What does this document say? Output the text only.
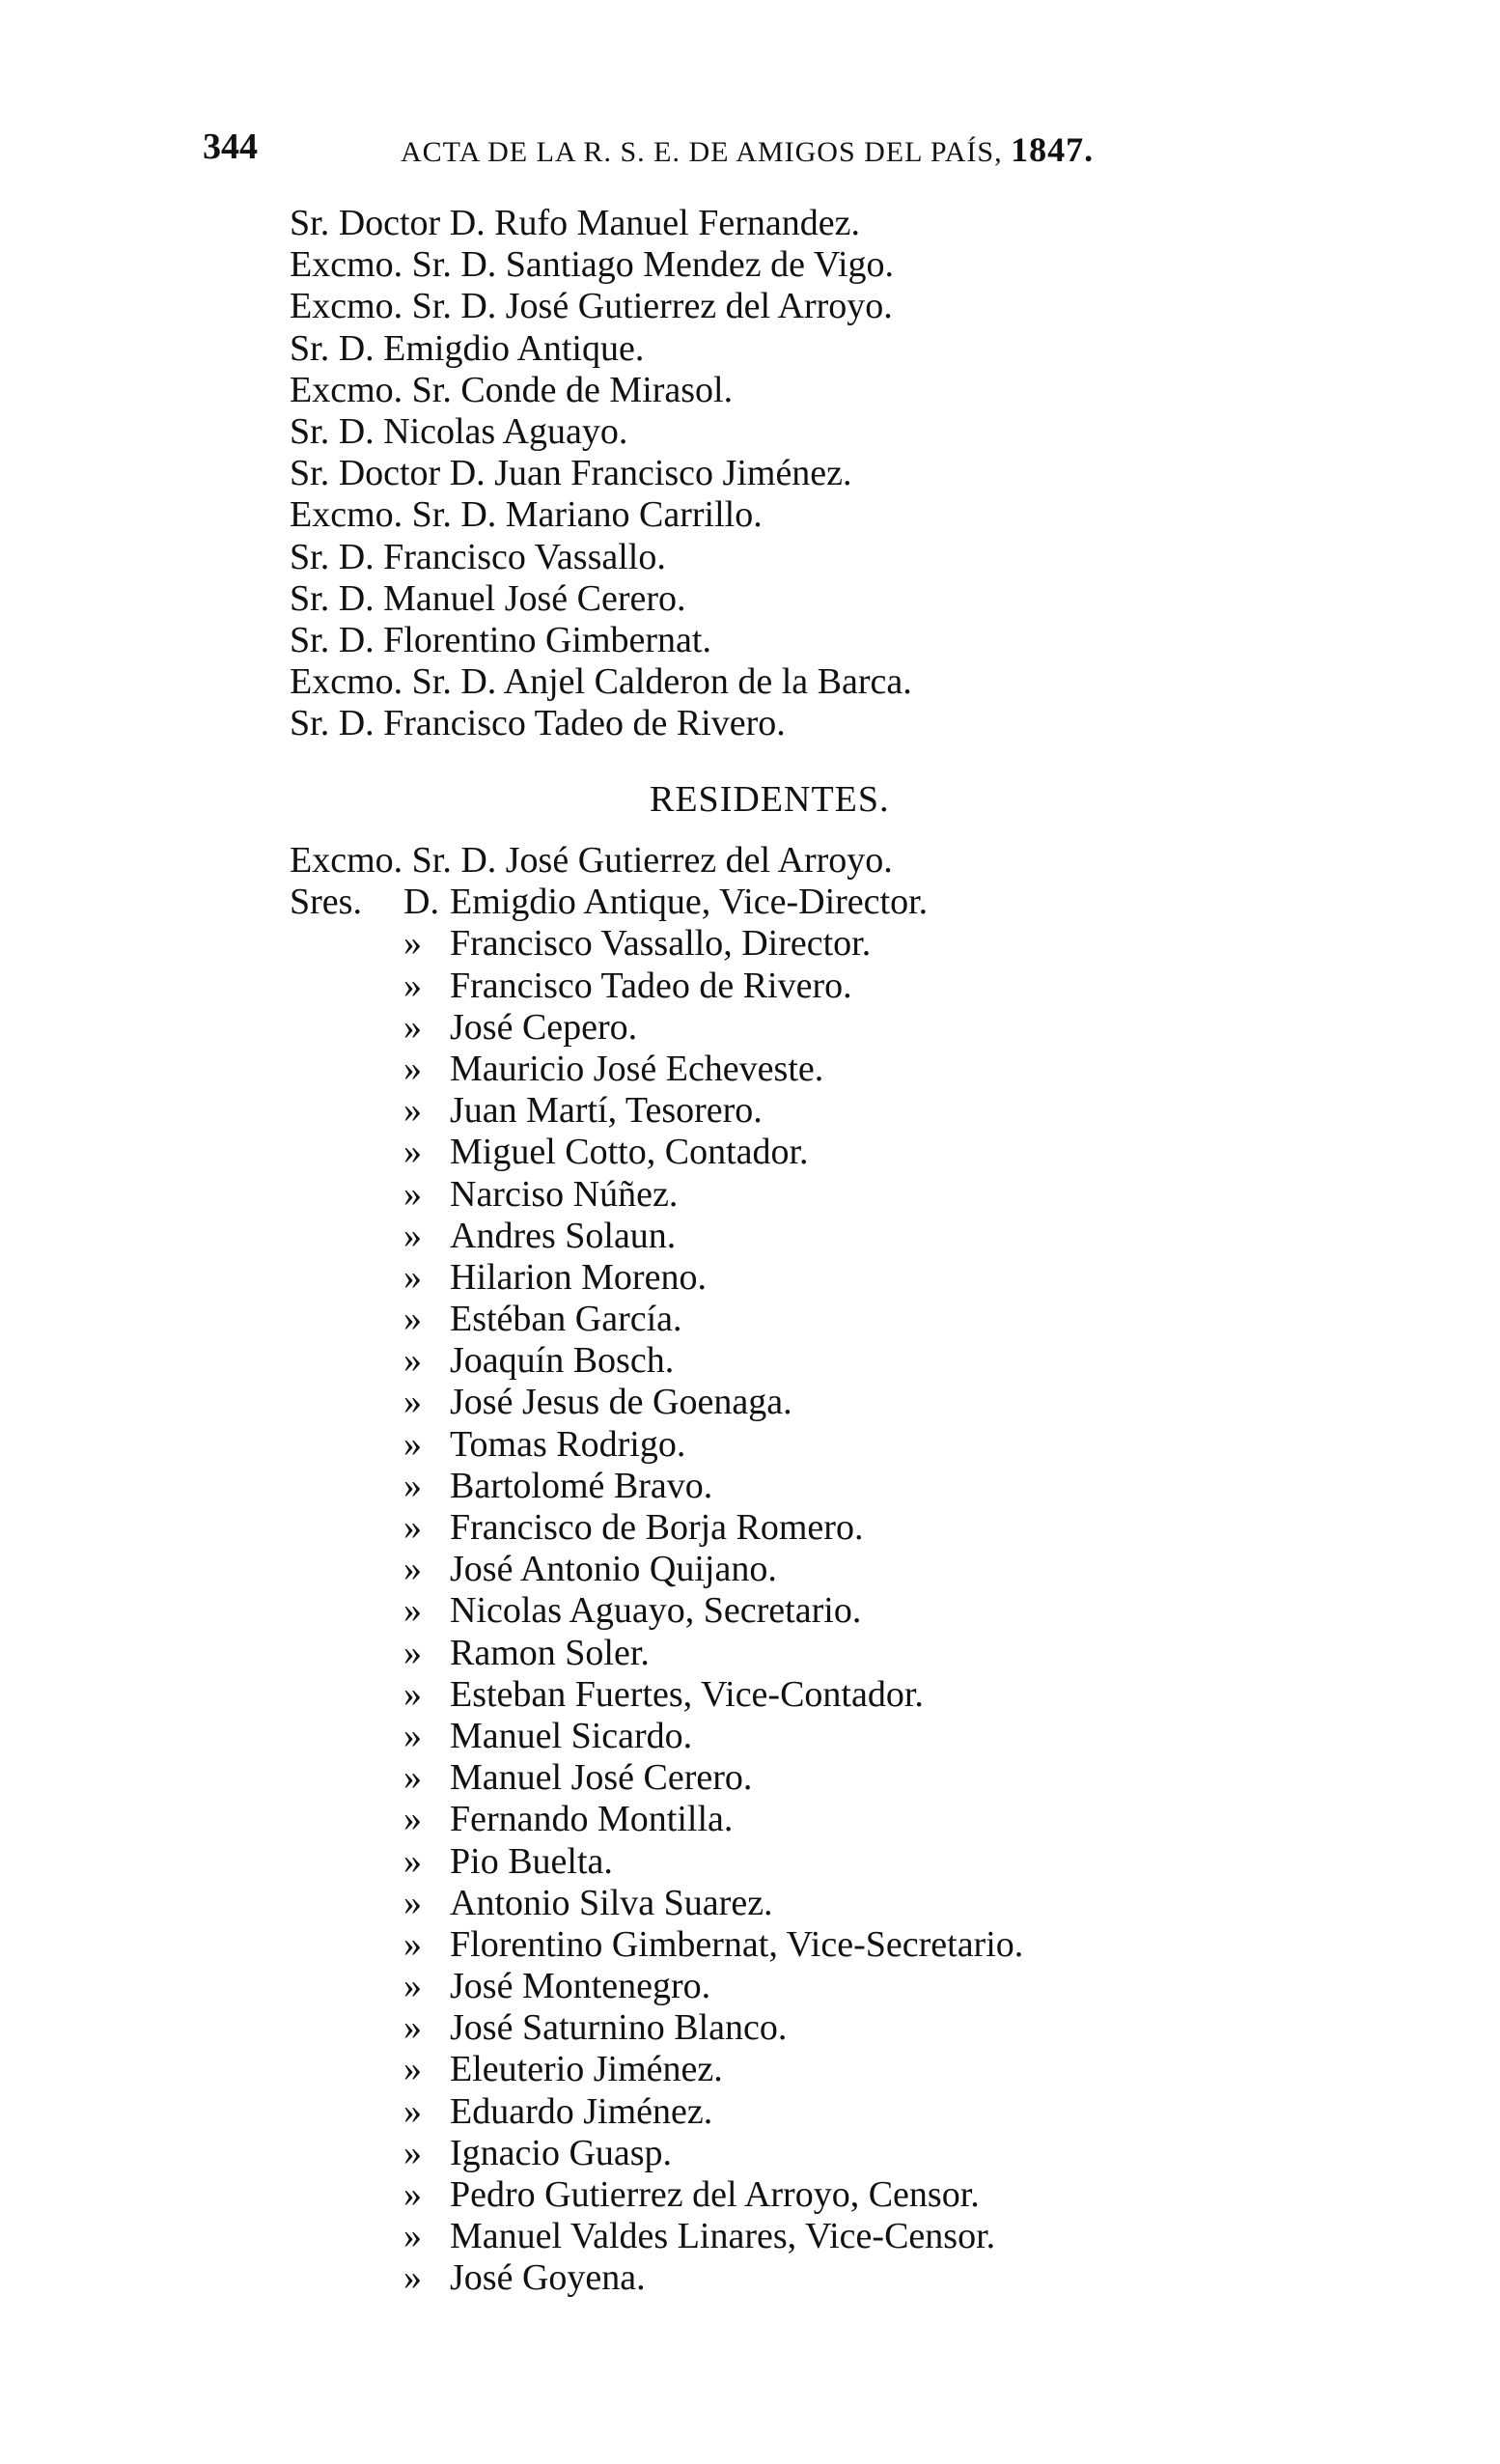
344	ACTA DE LA R. S. E. DE AMIGOS DEL PAÍS, 1847.
Sr. Doctor D. Rufo Manuel Fernandez.
Excmo. Sr. D. Santiago Mendez de Vigo.
Excmo. Sr. D. José Gutierrez del Arroyo.
Sr. D. Emigdio Antique.
Excmo. Sr. Conde de Mirasol.
Sr. D. Nicolas Aguayo.
Sr. Doctor D. Juan Francisco Jiménez.
Excmo. Sr. D. Mariano Carrillo.
Sr. D. Francisco Vassallo.
Sr. D. Manuel José Cerero.
Sr. D. Florentino Gimbernat.
Excmo. Sr. D. Anjel Calderon de la Barca.
Sr. D. Francisco Tadeo de Rivero.
RESIDENTES.
Excmo. Sr. D. José Gutierrez del Arroyo.
Sres. D. Emigdio Antique, Vice-Director.
» Francisco Vassallo, Director.
» Francisco Tadeo de Rivero.
» José Cepero.
» Mauricio José Echeveste.
» Juan Martí, Tesorero.
» Miguel Cotto, Contador.
» Narciso Núñez.
» Andres Solaun.
» Hilarion Moreno.
» Estéban García.
» Joaquín Bosch.
» José Jesus de Goenaga.
» Tomas Rodrigo.
» Bartolomé Bravo.
» Francisco de Borja Romero.
» José Antonio Quijano.
» Nicolas Aguayo, Secretario.
» Ramon Soler.
» Esteban Fuertes, Vice-Contador.
» Manuel Sicardo.
» Manuel José Cerero.
» Fernando Montilla.
» Pio Buelta.
» Antonio Silva Suarez.
» Florentino Gimbernat, Vice-Secretario.
» José Montenegro.
» José Saturnino Blanco.
» Eleuterio Jiménez.
» Eduardo Jiménez.
» Ignacio Guasp.
» Pedro Gutierrez del Arroyo, Censor.
» Manuel Valdes Linares, Vice-Censor.
» José Goyena.
